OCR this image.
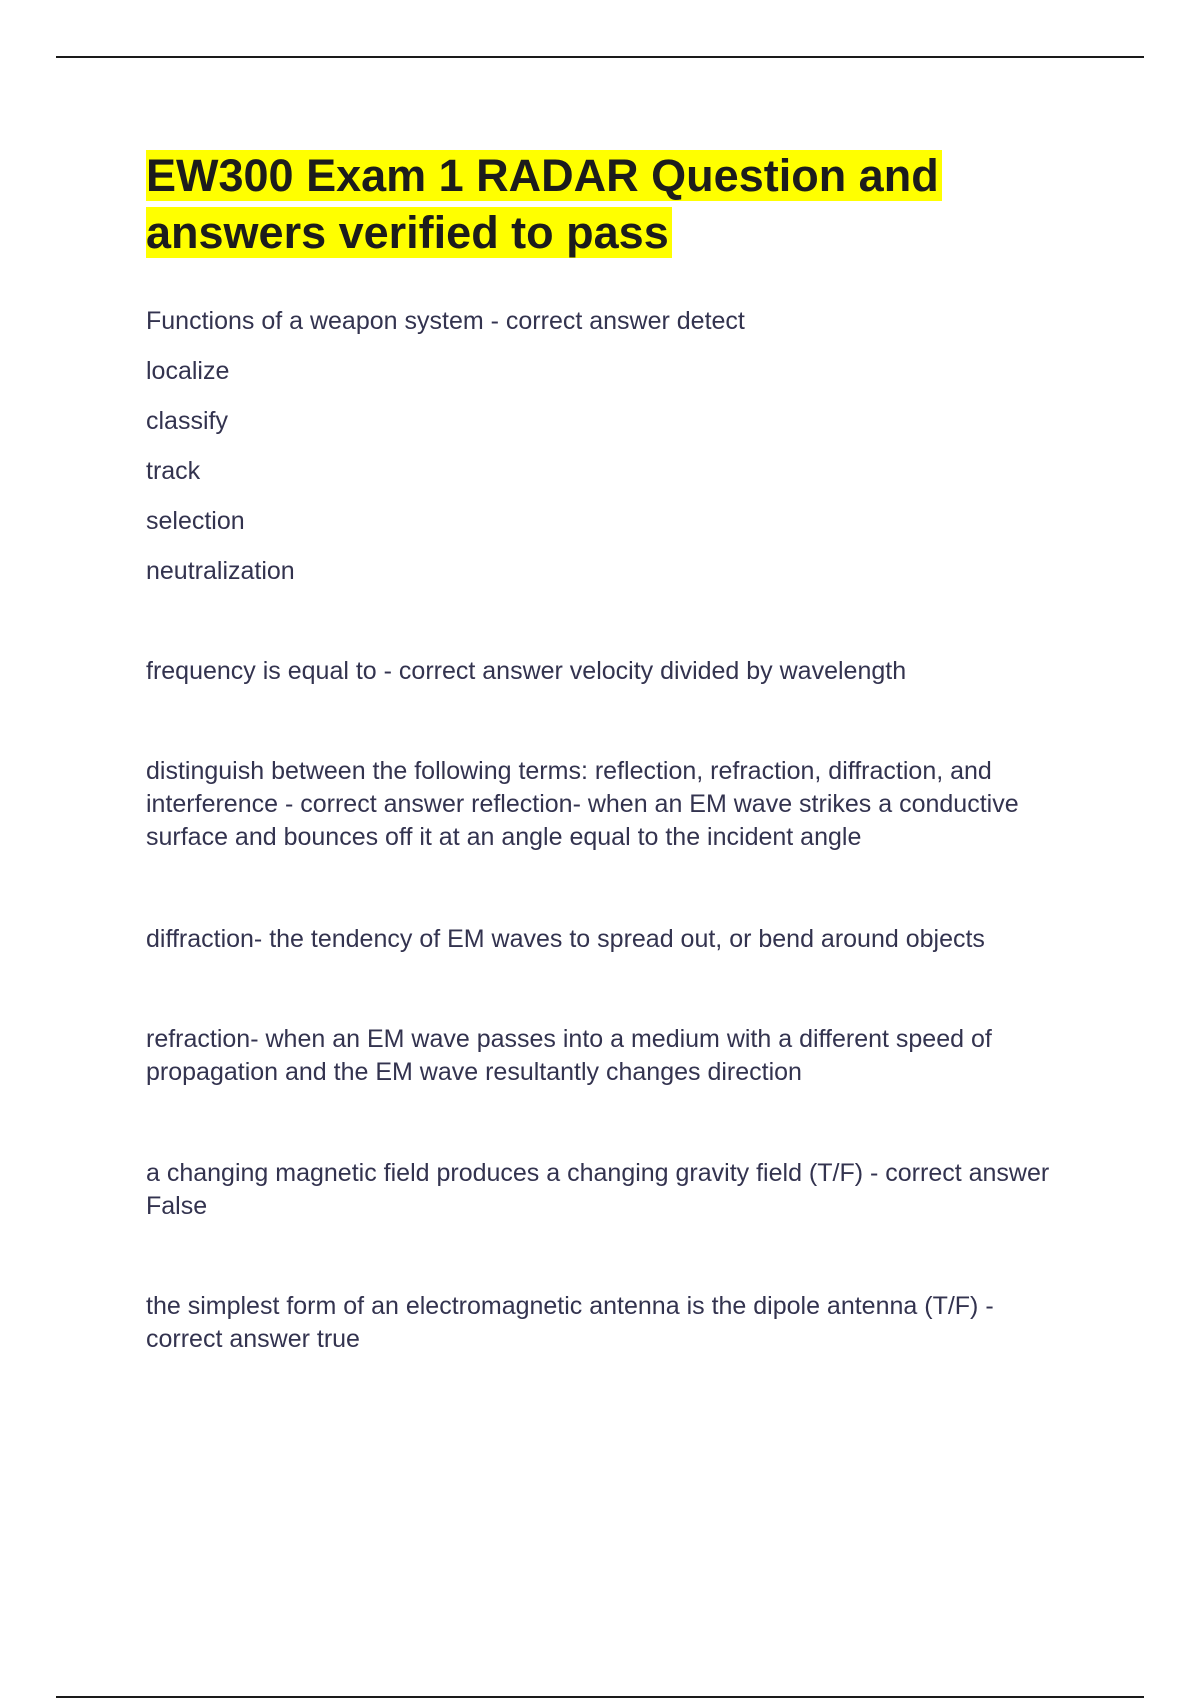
EW300 Exam 1 RADAR Question and answers verified to pass
Functions of a weapon system - correct answer detect
localize
classify
track
selection
neutralization

frequency is equal to - correct answer velocity divided by wavelength

distinguish between the following terms: reflection, refraction, diffraction, and interference - correct answer reflection- when an EM wave strikes a conductive surface and bounces off it at an angle equal to the incident angle

diffraction- the tendency of EM waves to spread out, or bend around objects

refraction- when an EM wave passes into a medium with a different speed of propagation and the EM wave resultantly changes direction

a changing magnetic field produces a changing gravity field (T/F) - correct answer False

the simplest form of an electromagnetic antenna is the dipole antenna (T/F) - correct answer true
